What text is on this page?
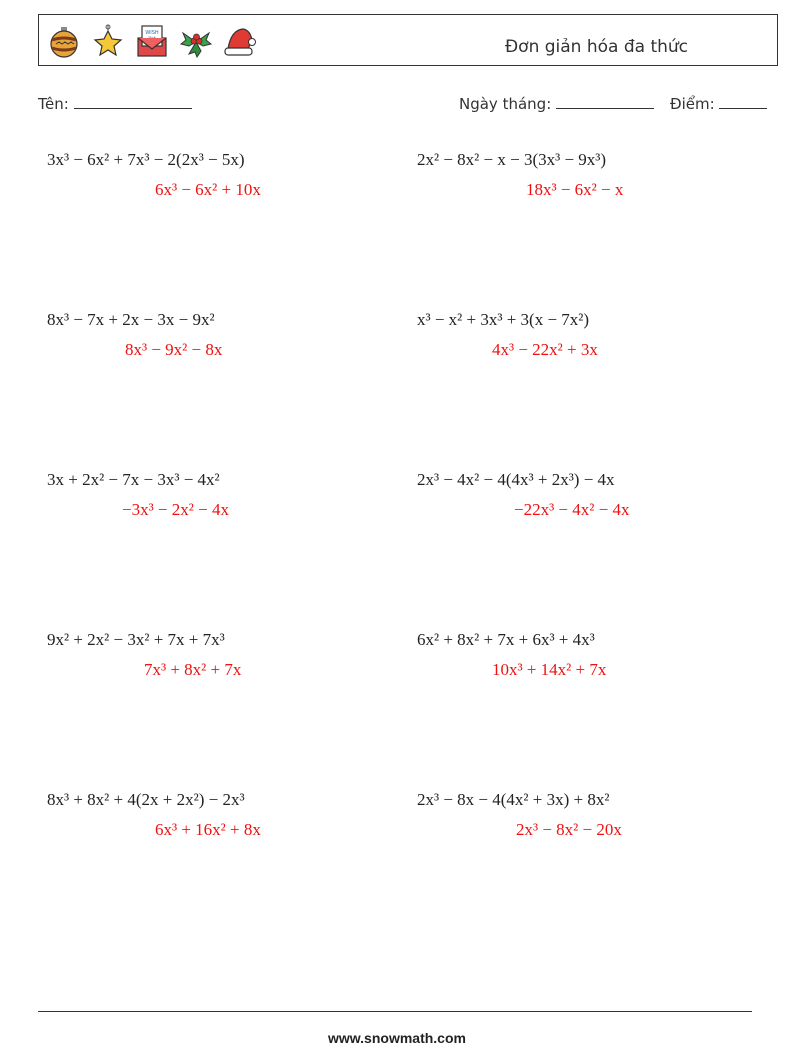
WISH
Đơn giản hóa đa thức
Tên:	Ngày tháng:	Điểm:
3x³ − 6x² + 7x³ − 2(2x³ − 5x)
6x³ − 6x² + 10x
8x³ − 7x + 2x − 3x − 9x²
8x³ − 9x² − 8x
3x + 2x² − 7x − 3x³ − 4x²
−3x³ − 2x² − 4x
9x² + 2x² − 3x² + 7x + 7x³
7x³ + 8x² + 7x
8x³ + 8x² + 4(2x + 2x²) − 2x³
6x³ + 16x² + 8x
2x² − 8x² − x − 3(3x³ − 9x³)
18x³ − 6x² − x
x³ − x² + 3x³ + 3(x − 7x²)
4x³ − 22x² + 3x
2x³ − 4x² − 4(4x³ + 2x³) − 4x
−22x³ − 4x² − 4x
6x² + 8x² + 7x + 6x³ + 4x³
10x³ + 14x² + 7x
2x³ − 8x − 4(4x² + 3x) + 8x²
2x³ − 8x² − 20x
www.snowmath.com
